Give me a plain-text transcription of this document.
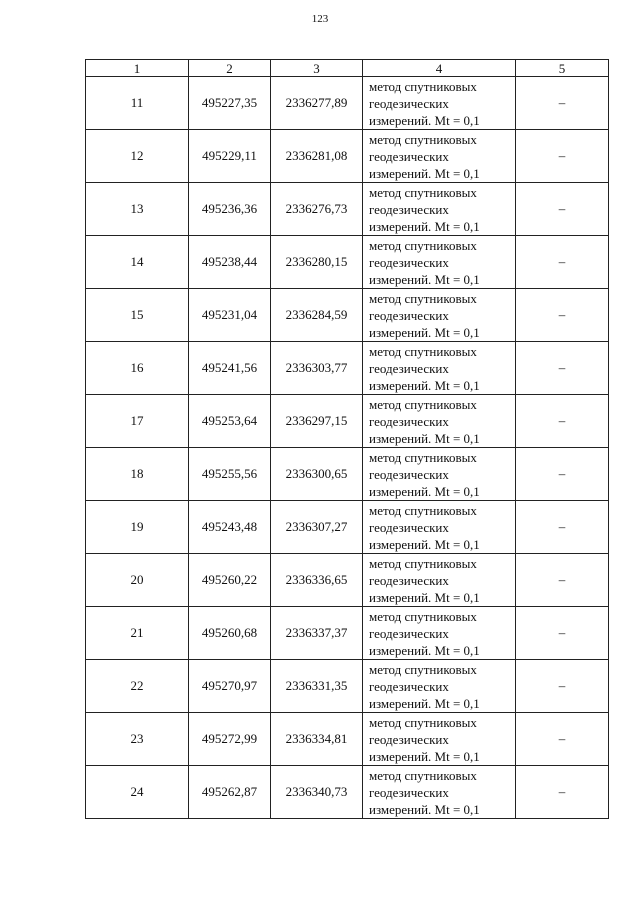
123
1	2	3	4	5
11	495227,35	2336277,89	метод спутниковых
геодезических
измерений. Mt = 0,1	–
12	495229,11	2336281,08	метод спутниковых
геодезических
измерений. Mt = 0,1	–
13	495236,36	2336276,73	метод спутниковых
геодезических
измерений. Mt = 0,1	–
14	495238,44	2336280,15	метод спутниковых
геодезических
измерений. Mt = 0,1	–
15	495231,04	2336284,59	метод спутниковых
геодезических
измерений. Mt = 0,1	–
16	495241,56	2336303,77	метод спутниковых
геодезических
измерений. Mt = 0,1	–
17	495253,64	2336297,15	метод спутниковых
геодезических
измерений. Mt = 0,1	–
18	495255,56	2336300,65	метод спутниковых
геодезических
измерений. Mt = 0,1	–
19	495243,48	2336307,27	метод спутниковых
геодезических
измерений. Mt = 0,1	–
20	495260,22	2336336,65	метод спутниковых
геодезических
измерений. Mt = 0,1	–
21	495260,68	2336337,37	метод спутниковых
геодезических
измерений. Mt = 0,1	–
22	495270,97	2336331,35	метод спутниковых
геодезических
измерений. Mt = 0,1	–
23	495272,99	2336334,81	метод спутниковых
геодезических
измерений. Mt = 0,1	–
24	495262,87	2336340,73	метод спутниковых
геодезических
измерений. Mt = 0,1	–
